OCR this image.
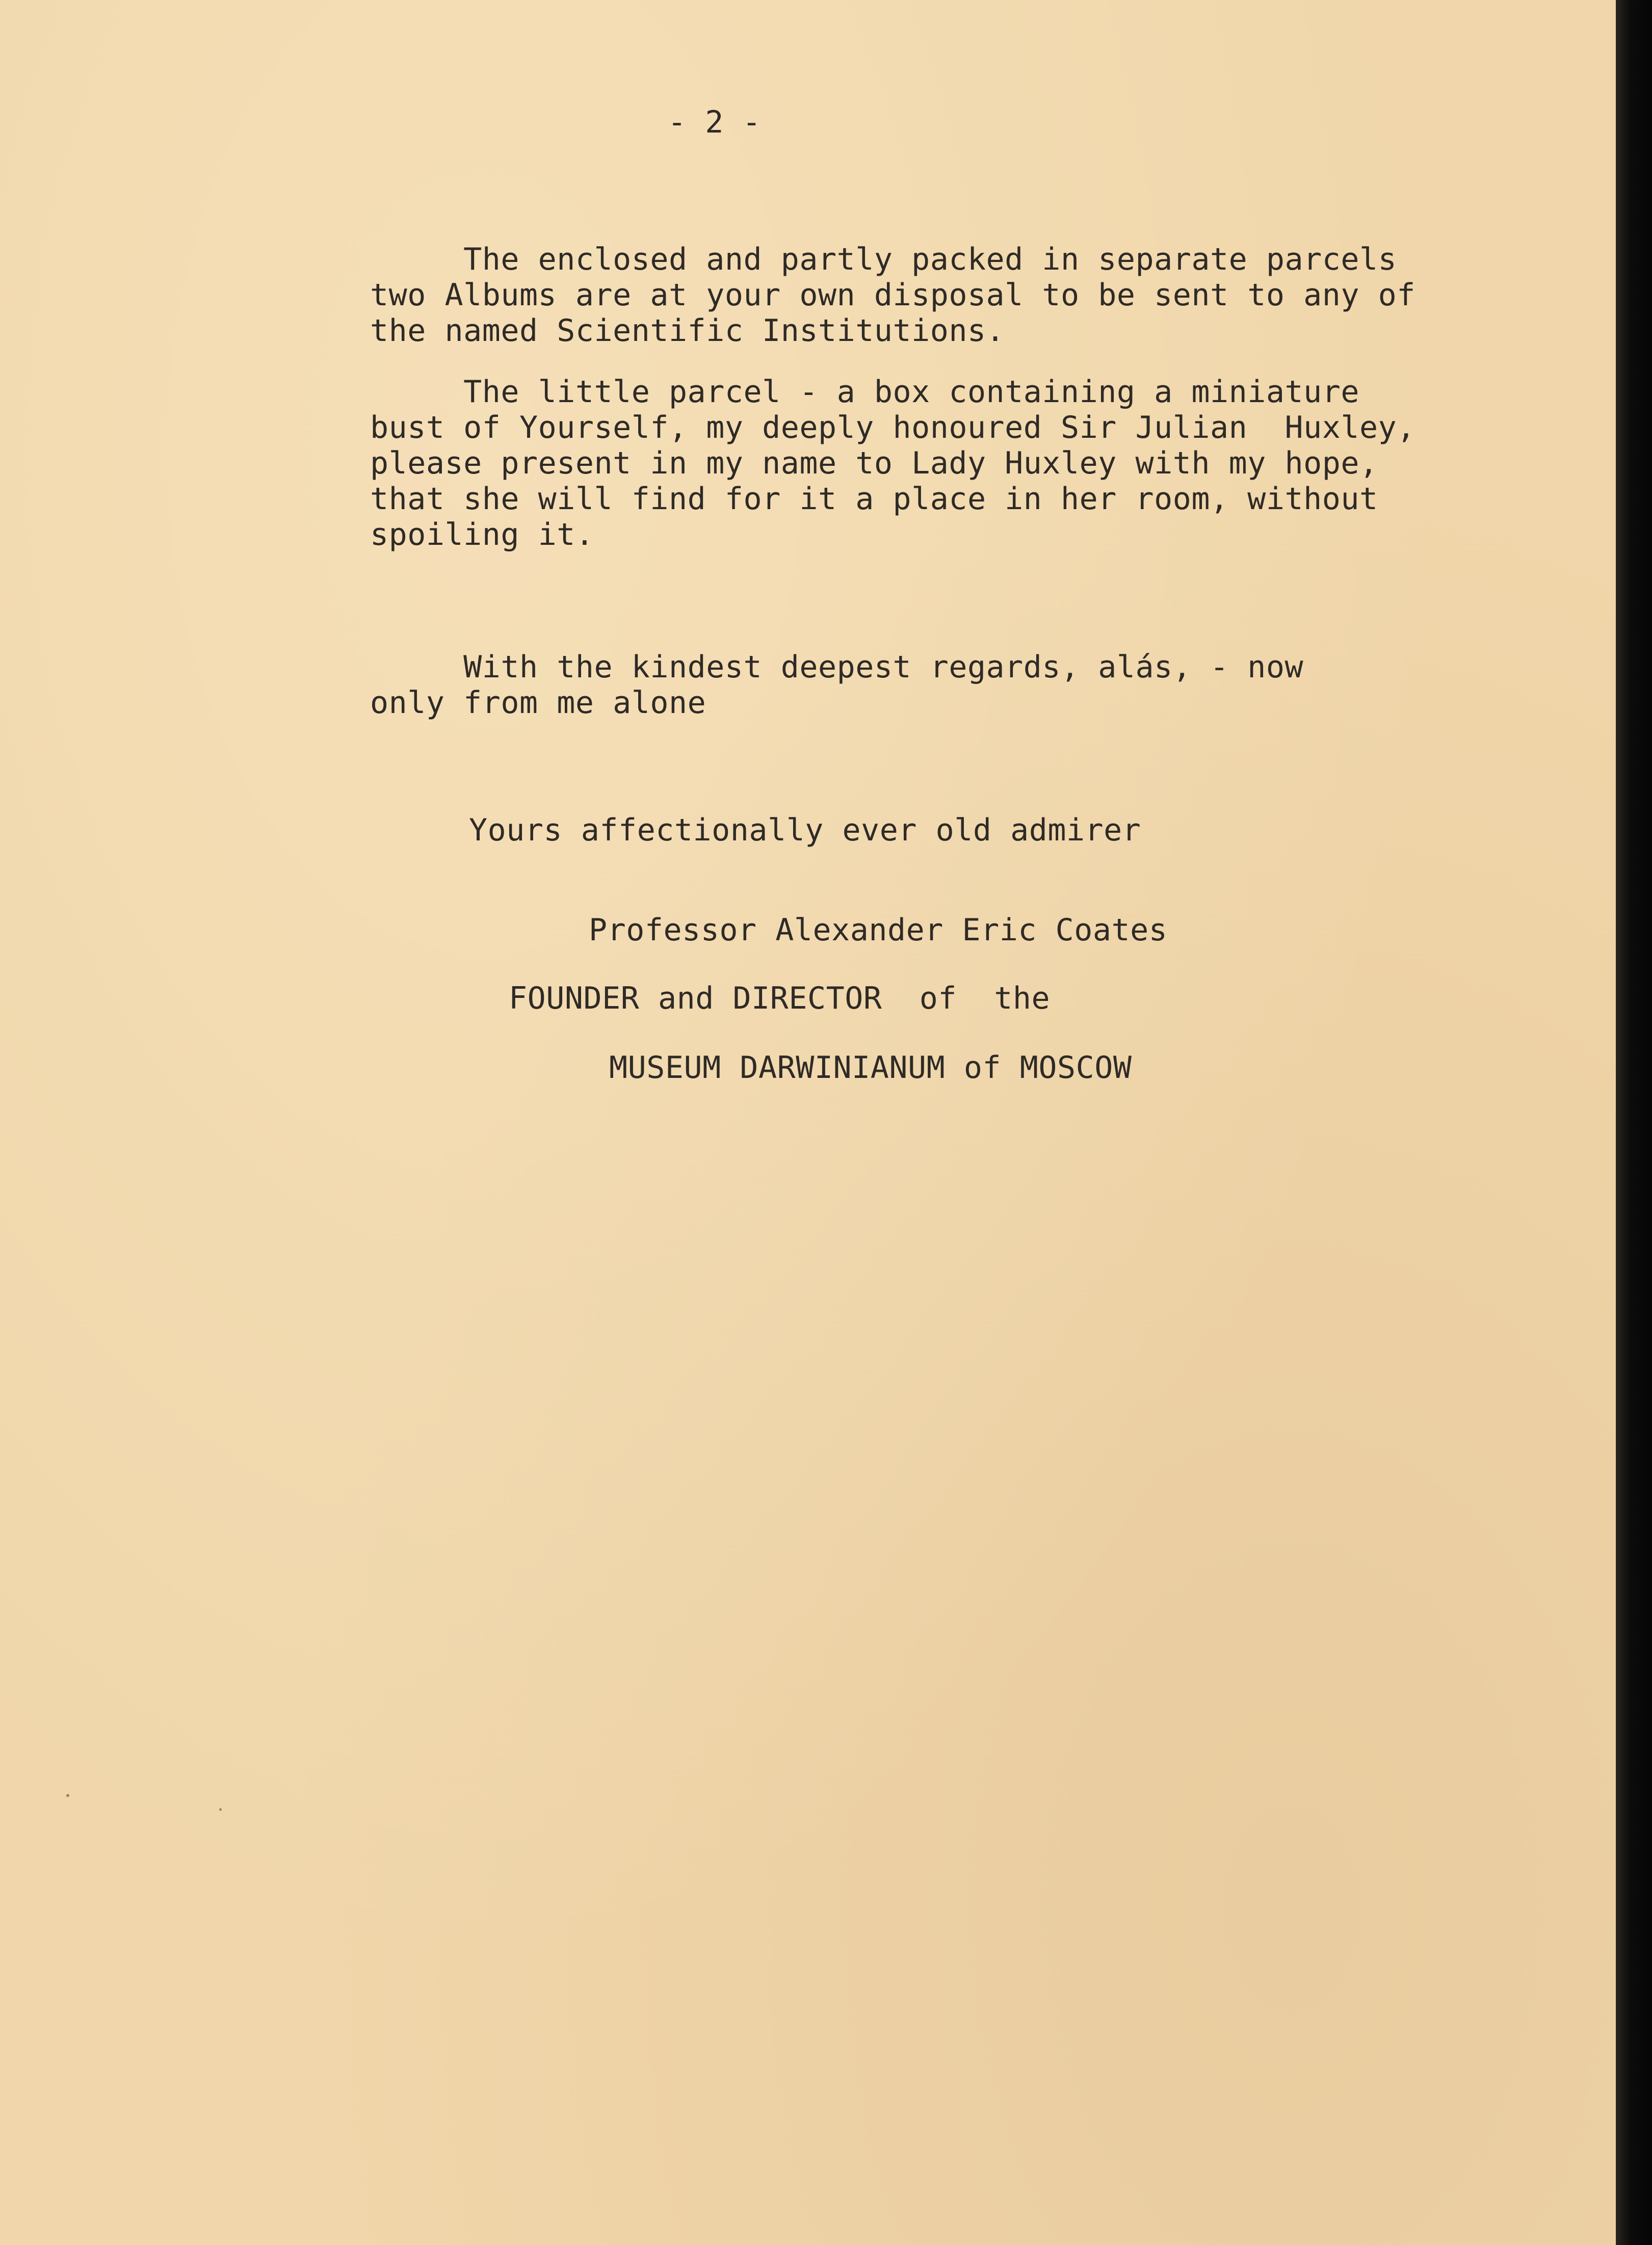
- 2 -

The enclosed and partly packed in separate parcels
two Albums are at your own disposal to be sent to any of
the named Scientific Institutions.
The little parcel - a box containing a miniature
bust of Yourself, my deeply honoured Sir Julian  Huxley,
please present in my name to Lady Huxley with my hope,
that she will find for it a place in her room, without
spoiling it.
With the kindest deepest regards, alás, - now
only from me alone

Yours affectionally ever old admirer

Professor Alexander Eric Coates

FOUNDER and DIRECTOR  of  the

MUSEUM DARWINIANUM of MOSCOW
